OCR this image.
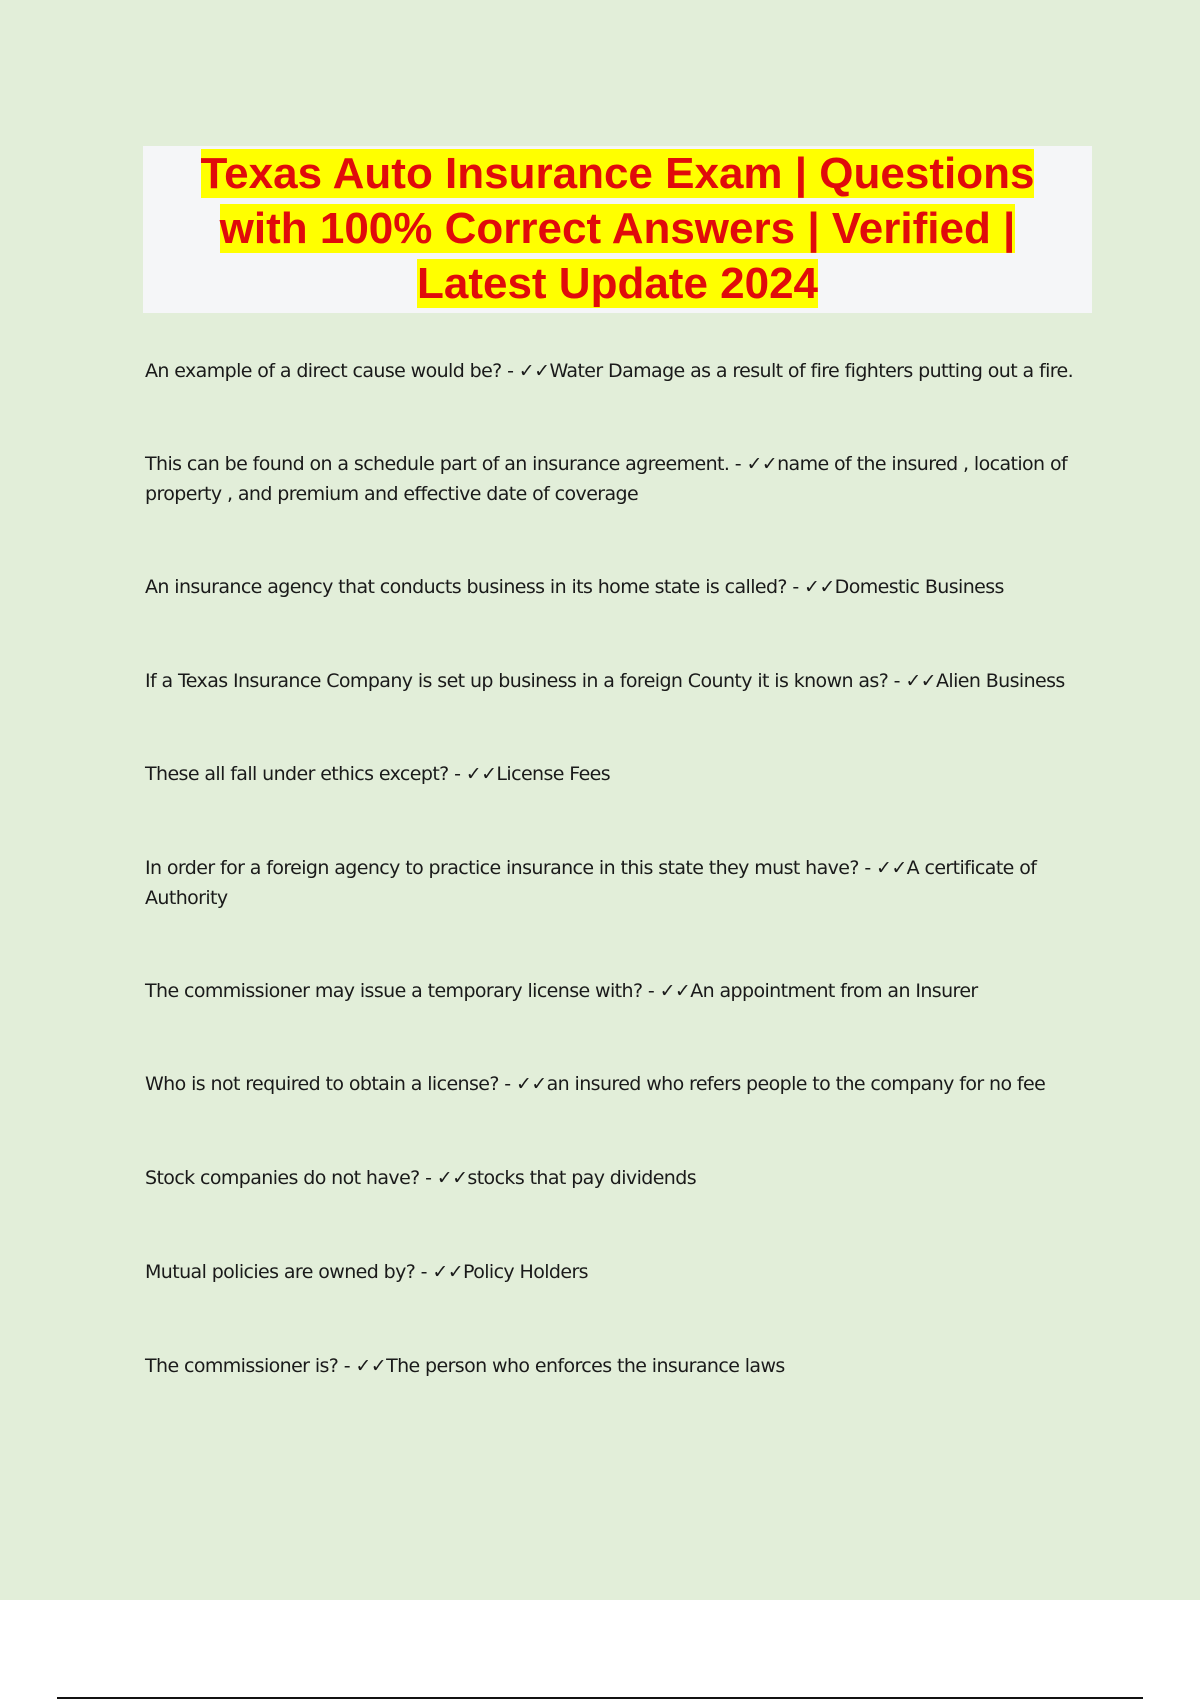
Texas Auto Insurance Exam | Questions
with 100% Correct Answers | Verified |
Latest Update 2024
An example of a direct cause would be? - ✓✓Water Damage as a result of fire fighters putting out a fire.
This can be found on a schedule part of an insurance agreement. - ✓✓name of the insured , location of property , and premium and effective date of coverage
An insurance agency that conducts business in its home state is called? - ✓✓Domestic Business
If a Texas Insurance Company is set up business in a foreign County it is known as? - ✓✓Alien Business
These all fall under ethics except? - ✓✓License Fees
In order for a foreign agency to practice insurance in this state they must have? - ✓✓A certificate of Authority
The commissioner may issue a temporary license with? - ✓✓An appointment from an Insurer
Who is not required to obtain a license? - ✓✓an insured who refers people to the company for no fee
Stock companies do not have? - ✓✓stocks that pay dividends
Mutual policies are owned by? - ✓✓Policy Holders
The commissioner is? - ✓✓The person who enforces the insurance laws
